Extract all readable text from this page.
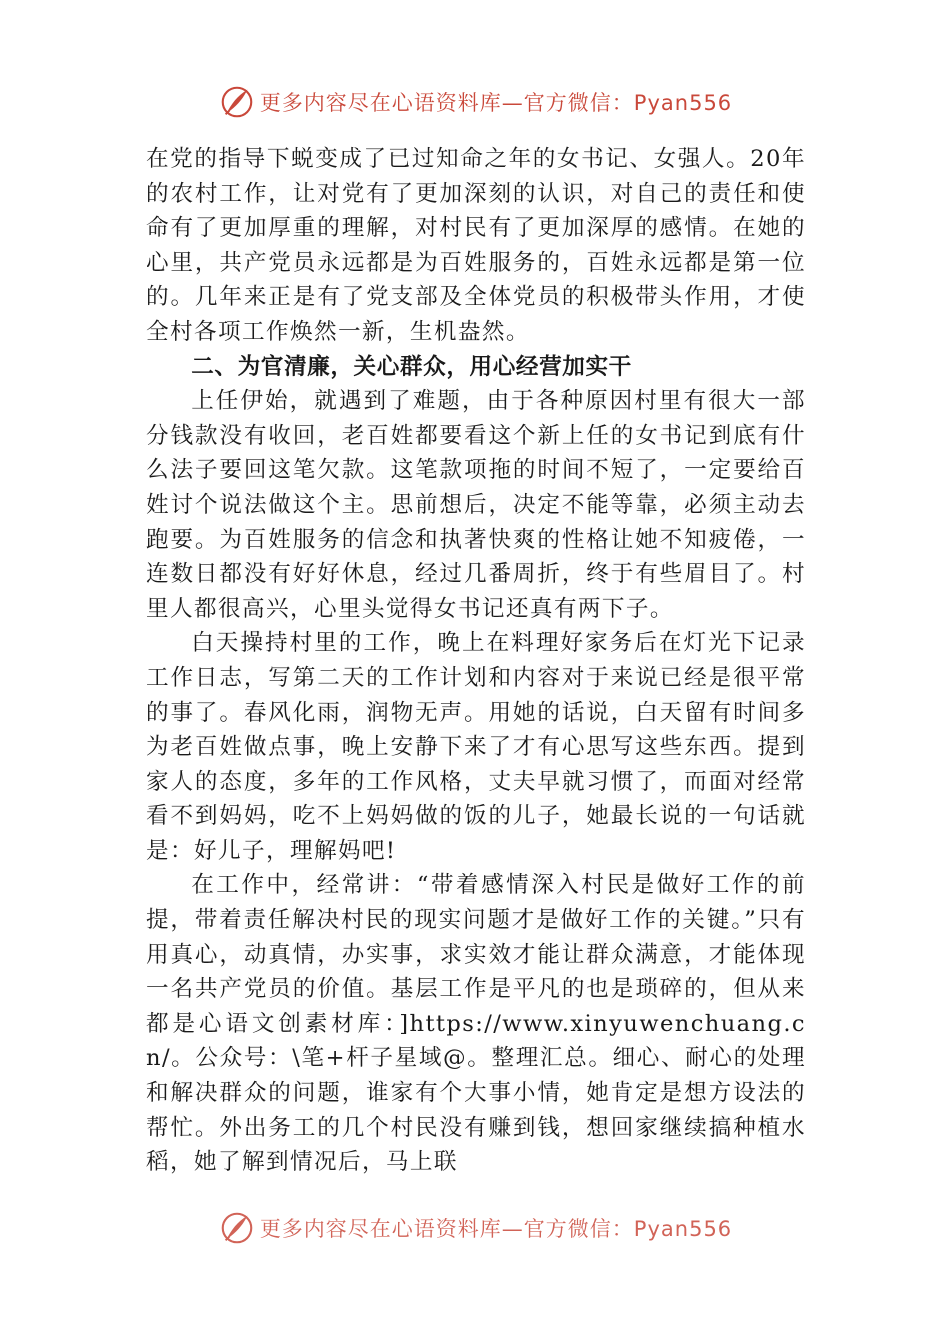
更多内容尽在心语资料库—官方微信：Pyan556

在党的指导下蜕变成了已过知命之年的女书记、女强人。20年的农村工作，让对党有了更加深刻的认识，对自己的责任和使命有了更加厚重的理解，对村民有了更加深厚的感情。在她的心里，共产党员永远都是为百姓服务的，百姓永远都是第一位的。几年来正是有了党支部及全体党员的积极带头作用，才使全村各项工作焕然一新，生机盎然。

二、为官清廉，关心群众，用心经营加实干

上任伊始，就遇到了难题，由于各种原因村里有很大一部分钱款没有收回，老百姓都要看这个新上任的女书记到底有什么法子要回这笔欠款。这笔款项拖的时间不短了，一定要给百姓讨个说法做这个主。思前想后，决定不能等靠，必须主动去跑要。为百姓服务的信念和执著快爽的性格让她不知疲倦，一连数日都没有好好休息，经过几番周折，终于有些眉目了。村里人都很高兴，心里头觉得女书记还真有两下子。

白天操持村里的工作，晚上在料理好家务后在灯光下记录工作日志，写第二天的工作计划和内容对于来说已经是很平常的事了。春风化雨，润物无声。用她的话说，白天留有时间多为老百姓做点事，晚上安静下来了才有心思写这些东西。提到家人的态度，多年的工作风格，丈夫早就习惯了，而面对经常看不到妈妈，吃不上妈妈做的饭的儿子，她最长说的一句话就是：好儿子，理解妈吧!

在工作中，经常讲：“带着感情深入村民是做好工作的前提，带着责任解决村民的现实问题才是做好工作的关键。”只有用真心，动真情，办实事，求实效才能让群众满意，才能体现一名共产党员的价值。基层工作是平凡的也是琐碎的，但从来都是心语文创素材库：]https://www.xinyuwenchuang.cn/。公众号：\笔+杆子星域@。整理汇总。细心、耐心的处理和解决群众的问题，谁家有个大事小情，她肯定是想方设法的帮忙。外出务工的几个村民没有赚到钱，想回家继续搞种植水稻，她了解到情况后，马上联

更多内容尽在心语资料库—官方微信：Pyan556
